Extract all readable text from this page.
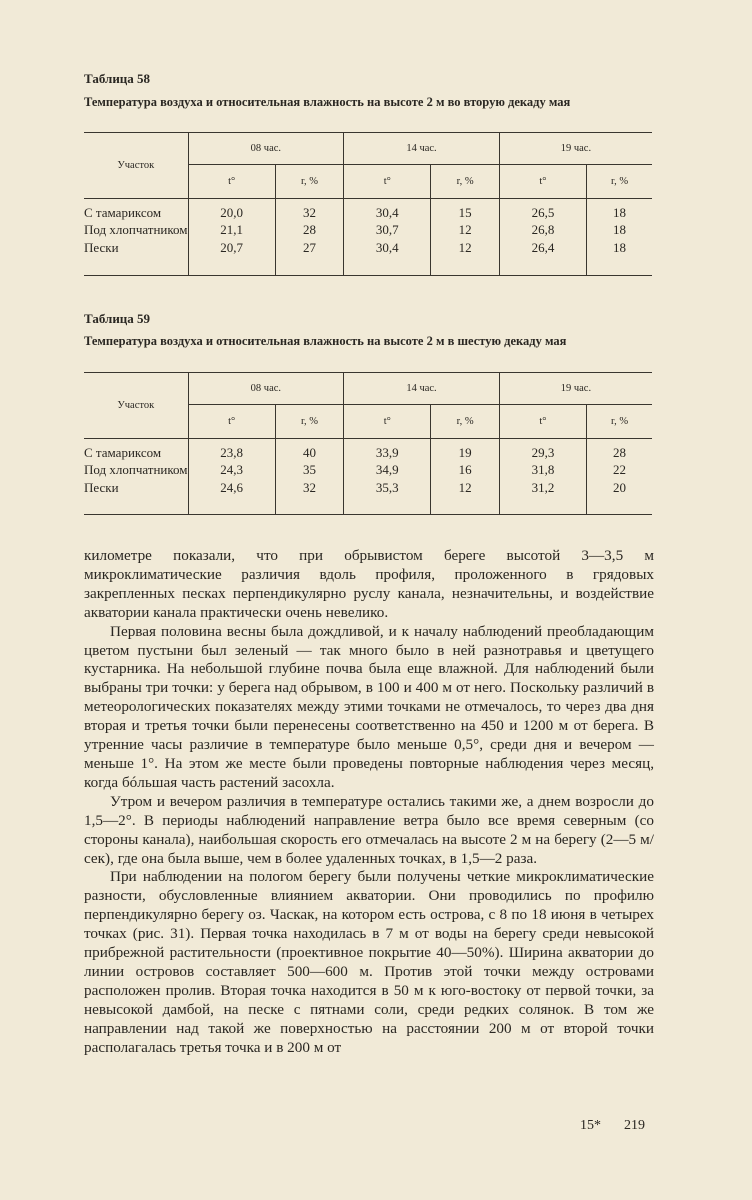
Таблица 58
Температура воздуха и относительная влажность на высоте 2 м во вторую декаду мая
Участок	08 час.		14 час.		19 час.	
	t°	r, %	t°	r, %	t°	r, %
С тамариксом	20,0	32	30,4	15	26,5	18
Под хлопчатником	21,1	28	30,7	12	26,8	18
Пески	20,7	27	30,4	12	26,4	18
Таблица 59
Температура воздуха и относительная влажность на высоте 2 м в шестую декаду мая
Участок	08 час.		14 час.		19 час.	
	t°	r, %	t°	r, %	t°	r, %
С тамариксом	23,8	40	33,9	19	29,3	28
Под хлопчатником	24,3	35	34,9	16	31,8	22
Пески	24,6	32	35,3	12	31,2	20

километре показали, что при обрывистом береге высотой 3—3,5 м микроклиматические различия вдоль профиля, проложенного в грядовых закрепленных песках перпендикулярно руслу канала, незначительны, и воздействие акватории канала практически очень невелико.

Первая половина весны была дождливой, и к началу наблюдений преобладающим цветом пустыни был зеленый — так много было в ней разнотравья и цветущего кустарника. На небольшой глубине почва была еще влажной. Для наблюдений были выбраны три точки: у берега над обрывом, в 100 и 400 м от него. Поскольку различий в метеорологических показателях между этими точками не отмечалось, то через два дня вторая и третья точки были перенесены соответственно на 450 и 1200 м от берега. В утренние часы различие в температуре было меньше 0,5°, среди дня и вечером — меньше 1°. На этом же месте были проведены повторные наблюдения через месяц, когда бóльшая часть растений засохла.

Утром и вечером различия в температуре остались такими же, а днем возросли до 1,5—2°. В периоды наблюдений направление ветра было все время северным (со стороны канала), наибольшая скорость его отмечалась на высоте 2 м на берегу (2—5 м/сек), где она была выше, чем в более удаленных точках, в 1,5—2 раза.

При наблюдении на пологом берегу были получены четкие микроклиматические разности, обусловленные влиянием акватории. Они проводились по профилю перпендикулярно берегу оз. Часкак, на котором есть острова, с 8 по 18 июня в четырех точках (рис. 31). Первая точка находилась в 7 м от воды на берегу среди невысокой прибрежной растительности (проективное покрытие 40—50%). Ширина акватории до линии островов составляет 500—600 м. Против этой точки между островами расположен пролив. Вторая точка находится в 50 м к юго-востоку от первой точки, за невысокой дамбой, на песке с пятнами соли, среди редких солянок. В том же направлении над такой же поверхностью на расстоянии 200 м от второй точки располагалась третья точка и в 200 м от

15* 219
